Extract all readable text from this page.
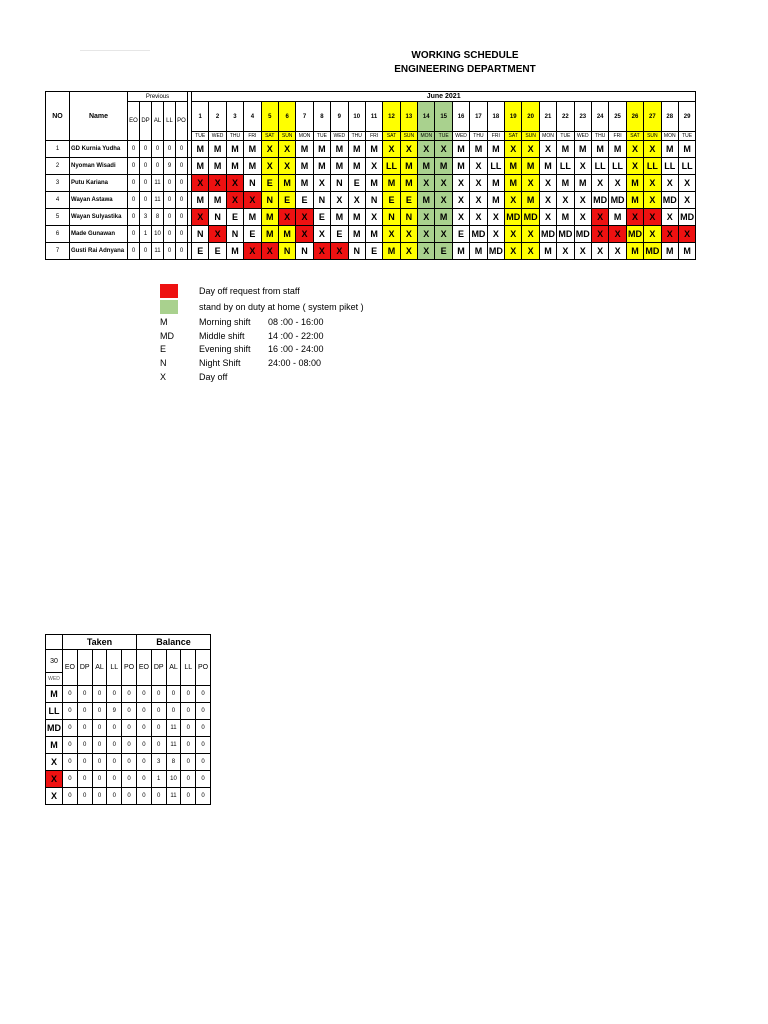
WORKING SCHEDULE
ENGINEERING DEPARTMENT
NO	Name	Previous						June 2021																												
		EO	DP	AL	LL	PO		1	2	3	4	5	6	7	8	9	10	11	12	13	14	15	16	17	18	19	20	21	22	23	24	25	26	27	28	29
								TUE	WED	THU	FRI	SAT	SUN	MON	TUE	WED	THU	FRI	SAT	SUN	MON	TUE	WED	THU	FRI	SAT	SUN	MON	TUE	WED	THU	FRI	SAT	SUN	MON	TUE
1	GD Kurnia Yudha	0	0	0	0	0		M	M	M	M	X	X	M	M	M	M	M	X	X	X	X	M	M	M	X	X	X	M	M	M	M	X	X	M	M
2	Nyoman Wisadi	0	0	0	9	0		M	M	M	M	X	X	M	M	M	M	X	LL	M	M	M	M	X	LL	M	M	M	LL	X	LL	LL	X	LL	LL	LL
3	Putu Kariana	0	0	11	0	0		X	X	X	N	E	M	M	X	N	E	M	M	M	X	X	X	X	M	M	X	X	M	M	X	X	M	X	X	X
4	Wayan Astawa	0	0	11	0	0		M	M	X	X	N	E	E	N	X	X	N	E	E	M	X	X	X	M	X	M	X	X	X	MD	MD	M	X	MD	X
5	Wayan Sulyastika	0	3	8	0	0		X	N	E	M	M	X	X	E	M	M	X	N	N	X	M	X	X	X	MD	MD	X	M	X	X	M	X	X	X	MD
6	Made Gunawan	0	1	10	0	0		N	X	N	E	M	M	X	X	E	M	M	X	X	X	X	E	MD	X	X	X	MD	MD	MD	X	X	MD	X	X	X
7	Gusti Rai Adnyana	0	0	11	0	0		E	E	M	X	X	N	N	X	X	N	E	M	X	X	E	M	M	MD	X	X	M	X	X	X	X	M	MD	M	M
Day off request from staff
stand by on duty at home ( system piket )
M	Morning shift 08 :00 - 16:00
MD	Middle shift	14 :00 - 22:00
E	Evening shift 16 :00 - 24:00
N	Night Shift	24:00 - 08:00
X	Day off
	Taken					Balance				
30	EO	DP	AL	LL	PO	EO	DP	AL	LL	PO
WED										
M	0	0	0	0	0	0	0	0	0	0
LL	0	0	0	9	0	0	0	0	0	0
MD	0	0	0	0	0	0	0	11	0	0
M	0	0	0	0	0	0	0	11	0	0
X	0	0	0	0	0	0	3	8	0	0
X	0	0	0	0	0	0	1	10	0	0
X	0	0	0	0	0	0	0	11	0	0
